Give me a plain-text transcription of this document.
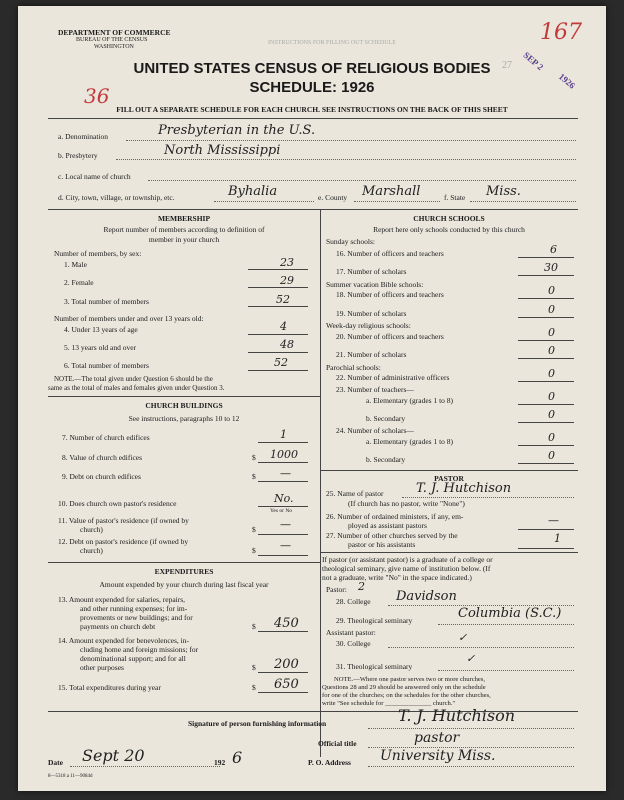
DEPARTMENT OF COMMERCE
BUREAU OF THE CENSUS
WASHINGTON
INSTRUCTIONS FOR FILLING OUT SCHEDULE	167
36
SEP 2
1926
27
UNITED STATES CENSUS OF RELIGIOUS BODIES
SCHEDULE: 1926
FILL OUT A SEPARATE SCHEDULE FOR EACH CHURCH. SEE INSTRUCTIONS ON THE BACK OF THIS SHEET
a. Denomination	Presbyterian in the U.S.
b. Presbytery	North Mississippi
c. Local name of church
d. City, town, village, or township, etc.	Byhalia	e. County Marshall	f. State Miss.
MEMBERSHIP
Report number of members according to definition of
member in your church
Number of members, by sex:
1. Male	23
2. Female	29
3. Total number of members	52
Number of members under and over 13 years old:
4. Under 13 years of age	4
5. 13 years old and over	48
6. Total number of members	52
NOTE.—The total given under Question 6 should be the
same as the total of males and females given under Question 3.
CHURCH BUILDINGS
See instructions, paragraphs 10 to 12
7. Number of church edifices	1
8. Value of church edifices	$ 1000
9. Debt on church edifices	$ —
10. Does church own pastor's residence	No.
Yes or No
11. Value of pastor's residence (if owned by
church)	$ —
12. Debt on pastor's residence (if owned by
church)	$ —
EXPENDITURES
Amount expended by your church during last fiscal year
13. Amount expended for salaries, repairs,
and other running expenses; for im-
provements or new buildings; and for
payments on church debt	$ 450
14. Amount expended for benevolences, in-
cluding home and foreign missions; for
denominational support; and for all
other purposes	$ 200
15. Total expenditures during year	$ 650
CHURCH SCHOOLS
Report here only schools conducted by this church
Sunday schools:
16. Number of officers and teachers	6
17. Number of scholars	30
Summer vacation Bible schools:
18. Number of officers and teachers	0
19. Number of scholars	0
Week-day religious schools:
20. Number of officers and teachers	0
21. Number of scholars	0
Parochial schools:
22. Number of administrative officers	0
23. Number of teachers—
a. Elementary (grades 1 to 8)	0
b. Secondary	0
24. Number of scholars—
a. Elementary (grades 1 to 8)	0
b. Secondary	0
PASTOR
25. Name of pastor	T. J. Hutchison
(If church has no pastor, write "None")
26. Number of ordained ministers, if any, em-
ployed as assistant pastors	—
27. Number of other churches served by the
pastor or his assistants	1
If pastor (or assistant pastor) is a graduate of a college or
theological seminary, give name of institution below. (If
not a graduate, write "No" in the space indicated.)
Pastor: 2
28. College Davidson
29. Theological seminary	Columbia (S.C.)
Assistant pastor:
30. College	✓
31. Theological seminary
✓
NOTE.—Where one pastor serves two or more churches,
Questions 28 and 29 should be answered only on the schedule
for one of the churches; on the schedules for the other churches,
write "See schedule for ______________ church."
Signature of person furnishing information	T. J. Hutchison
Official title	pastor
Date Sept 20	192 6	P. O. Address University Miss.
8—5318 a 11—9084d
